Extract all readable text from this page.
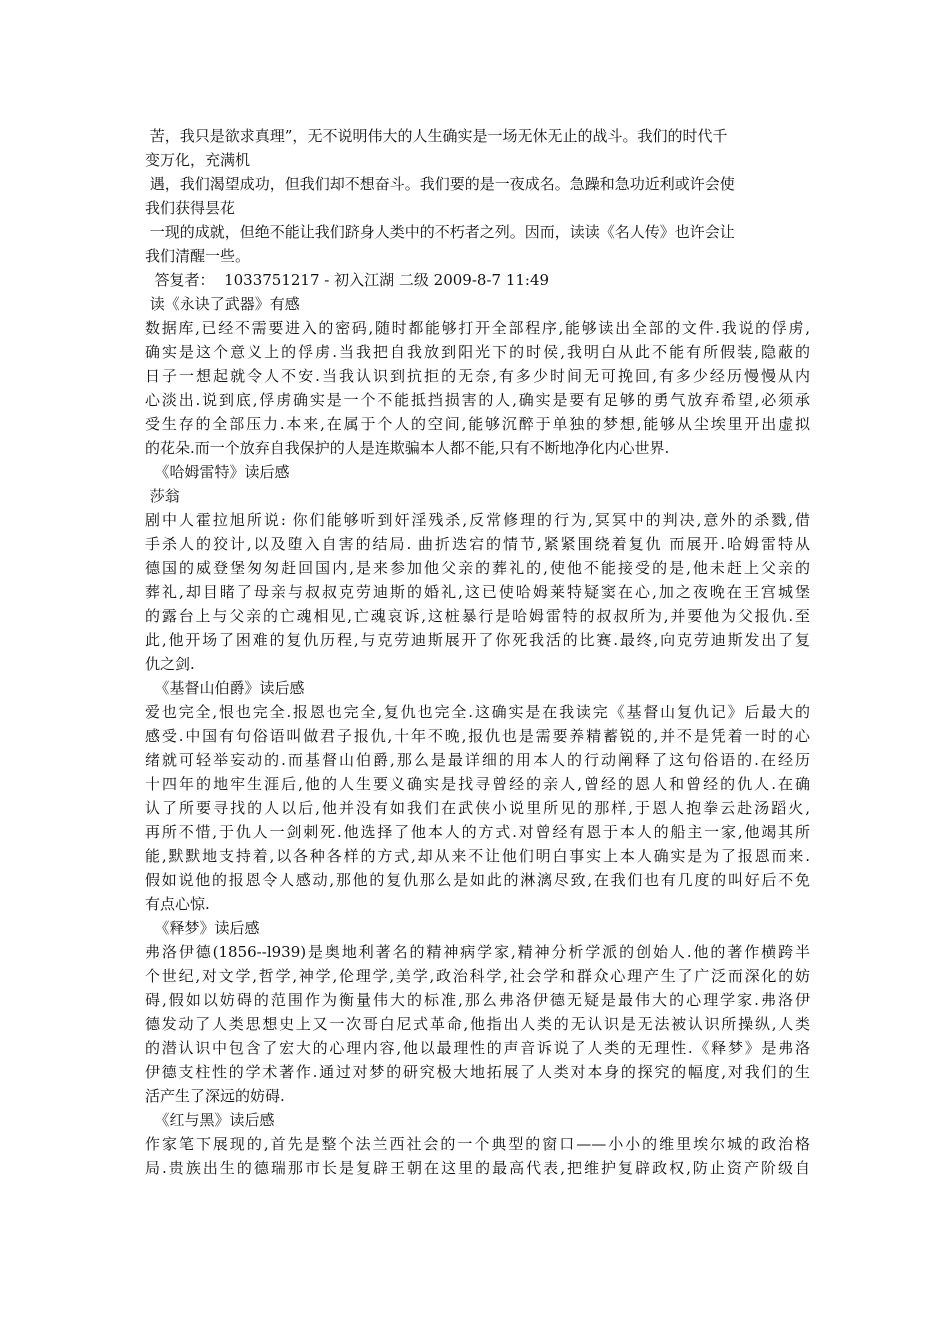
苦，我只是欲求真理”，无不说明伟大的人生确实是一场无休无止的战斗。我们的时代千
变万化，充满机
遇，我们渴望成功，但我们却不想奋斗。我们要的是一夜成名。急躁和急功近利或许会使
我们获得昙花
一现的成就，但绝不能让我们跻身人类中的不朽者之列。因而，读读《名人传》也许会让
我们清醒一些。
答复者：  1033751217 - 初入江湖 二级 2009-8-7 11:49
读《永诀了武器》有感
数据库,已经不需要进入的密码,随时都能够打开全部程序,能够读出全部的文件.我说的俘虏,
确实是这个意义上的俘虏.当我把自我放到阳光下的时侯,我明白从此不能有所假装,隐蔽的
日子一想起就令人不安.当我认识到抗拒的无奈,有多少时间无可挽回,有多少经历慢慢从内
心淡出.说到底,俘虏确实是一个不能抵挡损害的人,确实是要有足够的勇气放弃希望,必须承
受生存的全部压力.本来,在属于个人的空间,能够沉醉于单独的梦想,能够从尘埃里开出虚拟
的花朵.而一个放弃自我保护的人是连欺骗本人都不能,只有不断地净化内心世界.
《哈姆雷特》读后感
莎翁
剧中人霍拉旭所说: 你们能够听到奸淫残杀,反常修理的行为,冥冥中的判决,意外的杀戮,借
手杀人的狡计,以及堕入自害的结局. 曲折迭宕的情节,紧紧围绕着复仇 而展开.哈姆雷特从
德国的威登堡匆匆赶回国内,是来参加他父亲的葬礼的,使他不能接受的是,他未赶上父亲的
葬礼,却目睹了母亲与叔叔克劳迪斯的婚礼,这已使哈姆莱特疑窦在心,加之夜晚在王宫城堡
的露台上与父亲的亡魂相见,亡魂哀诉,这桩暴行是哈姆雷特的叔叔所为,并要他为父报仇.至
此,他开场了困难的复仇历程,与克劳迪斯展开了你死我活的比赛.最终,向克劳迪斯发出了复
仇之剑.
《基督山伯爵》读后感
爱也完全,恨也完全.报恩也完全,复仇也完全.这确实是在我读完《基督山复仇记》后最大的
感受.中国有句俗语叫做君子报仇,十年不晚,报仇也是需要养精蓄锐的,并不是凭着一时的心
绪就可轻举妄动的.而基督山伯爵,那么是最详细的用本人的行动阐释了这句俗语的.在经历
十四年的地牢生涯后,他的人生要义确实是找寻曾经的亲人,曾经的恩人和曾经的仇人.在确
认了所要寻找的人以后,他并没有如我们在武侠小说里所见的那样,于恩人抱拳云赴汤蹈火,
再所不惜,于仇人一剑刺死.他选择了他本人的方式.对曾经有恩于本人的船主一家,他竭其所
能,默默地支持着,以各种各样的方式,却从来不让他们明白事实上本人确实是为了报恩而来.
假如说他的报恩令人感动,那他的复仇那么是如此的淋漓尽致,在我们也有几度的叫好后不免
有点心惊.
《释梦》读后感
弗洛伊德(1856--l939)是奥地利著名的精神病学家,精神分析学派的创始人.他的著作横跨半
个世纪,对文学,哲学,神学,伦理学,美学,政治科学,社会学和群众心理产生了广泛而深化的妨
碍,假如以妨碍的范围作为衡量伟大的标准,那么弗洛伊德无疑是最伟大的心理学家.弗洛伊
德发动了人类思想史上又一次哥白尼式革命,他指出人类的无认识是无法被认识所操纵,人类
的潜认识中包含了宏大的心理内容,他以最理性的声音诉说了人类的无理性.《释梦》是弗洛
伊德支柱性的学术著作.通过对梦的研究极大地拓展了人类对本身的探究的幅度,对我们的生
活产生了深远的妨碍.
《红与黑》读后感
作家笔下展现的,首先是整个法兰西社会的一个典型的窗口——小小的维里埃尔城的政治格
局.贵族出生的德瑞那市长是复辟王朝在这里的最高代表,把维护复辟政权,防止资产阶级自
